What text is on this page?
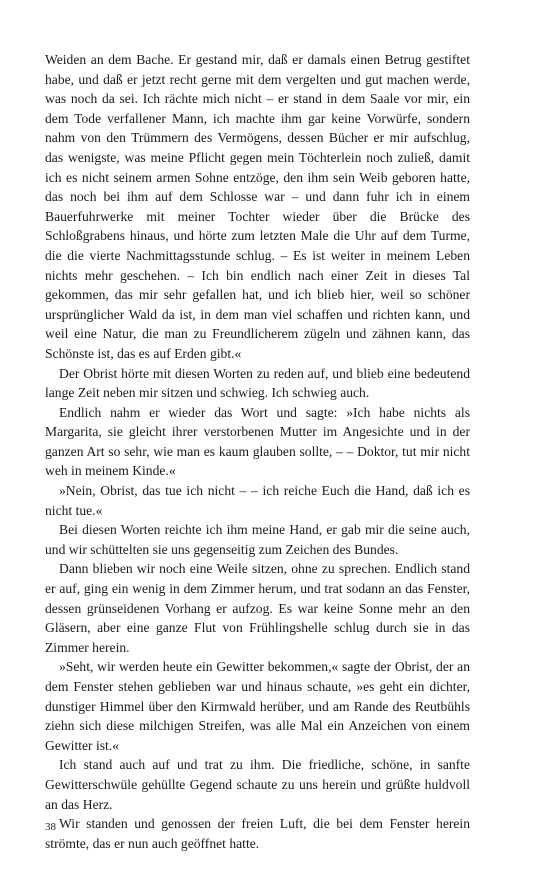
Weiden an dem Bache. Er gestand mir, daß er damals einen Betrug gestiftet habe, und daß er jetzt recht gerne mit dem vergelten und gut machen werde, was noch da sei. Ich rächte mich nicht – er stand in dem Saale vor mir, ein dem Tode verfallener Mann, ich machte ihm gar keine Vorwürfe, sondern nahm von den Trümmern des Vermögens, dessen Bücher er mir aufschlug, das wenigste, was meine Pflicht gegen mein Töchterlein noch zuließ, damit ich es nicht seinem armen Sohne entzöge, den ihm sein Weib geboren hatte, das noch bei ihm auf dem Schlosse war – und dann fuhr ich in einem Bauerfuhrwerke mit meiner Tochter wieder über die Brücke des Schloßgrabens hinaus, und hörte zum letzten Male die Uhr auf dem Turme, die die vierte Nachmittagsstunde schlug. – Es ist weiter in meinem Leben nichts mehr geschehen. – Ich bin endlich nach einer Zeit in dieses Tal gekommen, das mir sehr gefallen hat, und ich blieb hier, weil so schöner ursprünglicher Wald da ist, in dem man viel schaffen und richten kann, und weil eine Natur, die man zu Freundlicherem zügeln und zähnen kann, das Schönste ist, das es auf Erden gibt.«

Der Obrist hörte mit diesen Worten zu reden auf, und blieb eine bedeutend lange Zeit neben mir sitzen und schwieg. Ich schwieg auch.

Endlich nahm er wieder das Wort und sagte: »Ich habe nichts als Margarita, sie gleicht ihrer verstorbenen Mutter im Angesichte und in der ganzen Art so sehr, wie man es kaum glauben sollte, – – Doktor, tut mir nicht weh in meinem Kinde.«

»Nein, Obrist, das tue ich nicht – – ich reiche Euch die Hand, daß ich es nicht tue.«

Bei diesen Worten reichte ich ihm meine Hand, er gab mir die seine auch, und wir schüttelten sie uns gegenseitig zum Zeichen des Bundes.

Dann blieben wir noch eine Weile sitzen, ohne zu sprechen. Endlich stand er auf, ging ein wenig in dem Zimmer herum, und trat sodann an das Fenster, dessen grünseidenen Vorhang er aufzog. Es war keine Sonne mehr an den Gläsern, aber eine ganze Flut von Frühlingshelle schlug durch sie in das Zimmer herein.

»Seht, wir werden heute ein Gewitter bekommen,« sagte der Obrist, der an dem Fenster stehen geblieben war und hinaus schaute, »es geht ein dichter, dunstiger Himmel über den Kirmwald herüber, und am Rande des Reutbühls ziehn sich diese milchigen Streifen, was alle Mal ein Anzeichen von einem Gewitter ist.«

Ich stand auch auf und trat zu ihm. Die friedliche, schöne, in sanfte Gewitterschwüle gehüllte Gegend schaute zu uns herein und grüßte huldvoll an das Herz.

Wir standen und genossen der freien Luft, die bei dem Fenster herein strömte, das er nun auch geöffnet hatte.

38
